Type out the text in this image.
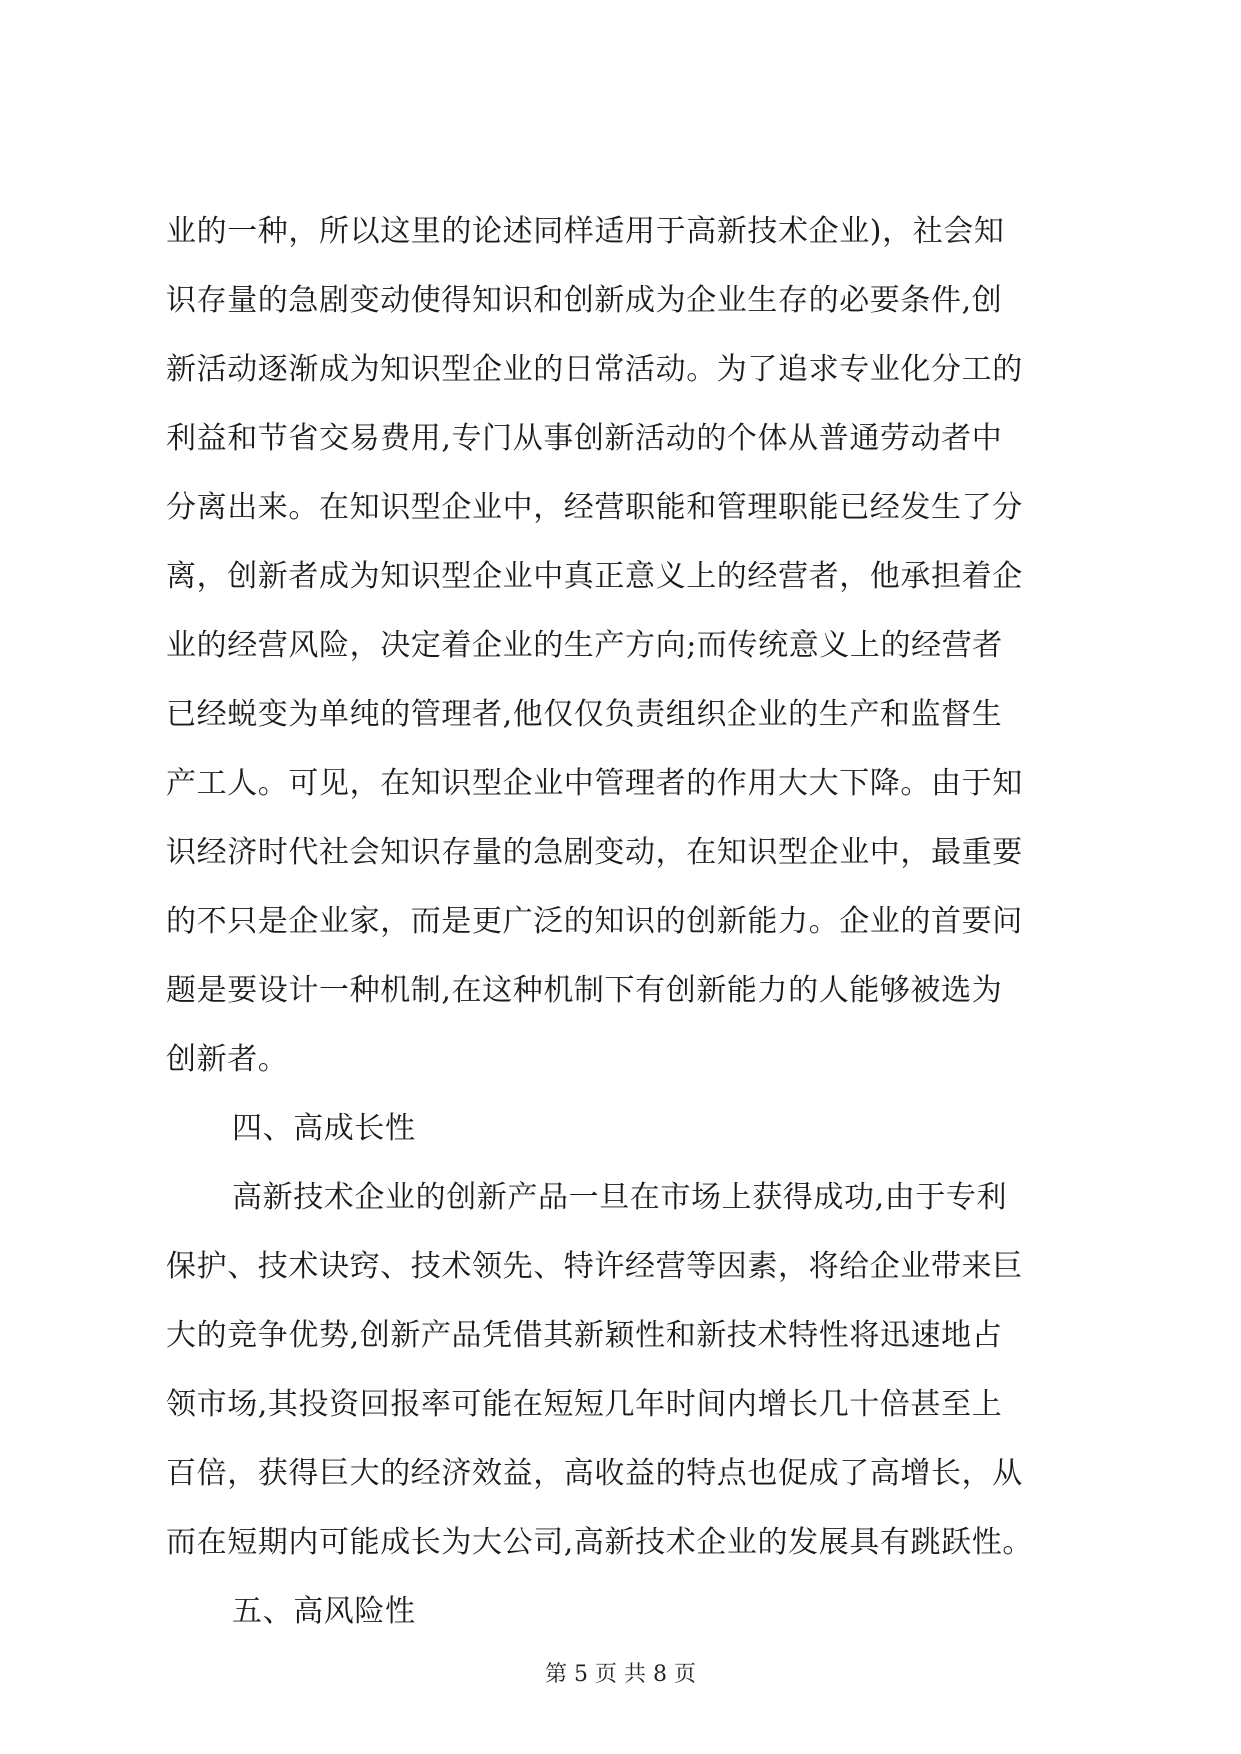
业的一种，所以这里的论述同样适用于高新技术企业)，社会知
识存量的急剧变动使得知识和创新成为企业生存的必要条件,创
新活动逐渐成为知识型企业的日常活动。为了追求专业化分工的
利益和节省交易费用,专门从事创新活动的个体从普通劳动者中
分离出来。在知识型企业中，经营职能和管理职能已经发生了分
离，创新者成为知识型企业中真正意义上的经营者，他承担着企
业的经营风险，决定着企业的生产方向;而传统意义上的经营者
已经蜕变为单纯的管理者,他仅仅负责组织企业的生产和监督生
产工人。可见，在知识型企业中管理者的作用大大下降。由于知
识经济时代社会知识存量的急剧变动，在知识型企业中，最重要
的不只是企业家，而是更广泛的知识的创新能力。企业的首要问
题是要设计一种机制,在这种机制下有创新能力的人能够被选为
创新者。
四、高成长性
高新技术企业的创新产品一旦在市场上获得成功,由于专利
保护、技术诀窍、技术领先、特许经营等因素，将给企业带来巨
大的竞争优势,创新产品凭借其新颖性和新技术特性将迅速地占
领市场,其投资回报率可能在短短几年时间内增长几十倍甚至上
百倍，获得巨大的经济效益，高收益的特点也促成了高增长，从
而在短期内可能成长为大公司,高新技术企业的发展具有跳跃性。
五、高风险性
第 5 页 共 8 页
